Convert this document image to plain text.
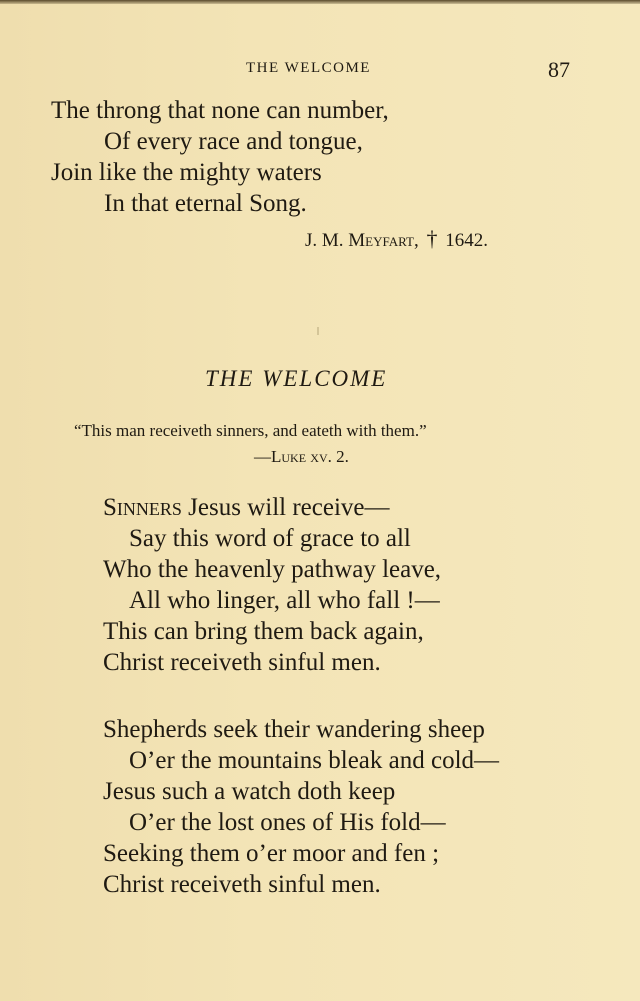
THE WELCOME	87
The throng that none can number,
Of every race and tongue,
Join like the mighty waters
In that eternal Song.
J. M. Meyfart, † 1642.
THE WELCOME
“This man receiveth sinners, and eateth with them.”
—Luke xv. 2.
Sinners Jesus will receive—
Say this word of grace to all
Who the heavenly pathway leave,
All who linger, all who fall !—
This can bring them back again,
Christ receiveth sinful men.
Shepherds seek their wandering sheep
O’er the mountains bleak and cold—
Jesus such a watch doth keep
O’er the lost ones of His fold—
Seeking them o’er moor and fen ;
Christ receiveth sinful men.
